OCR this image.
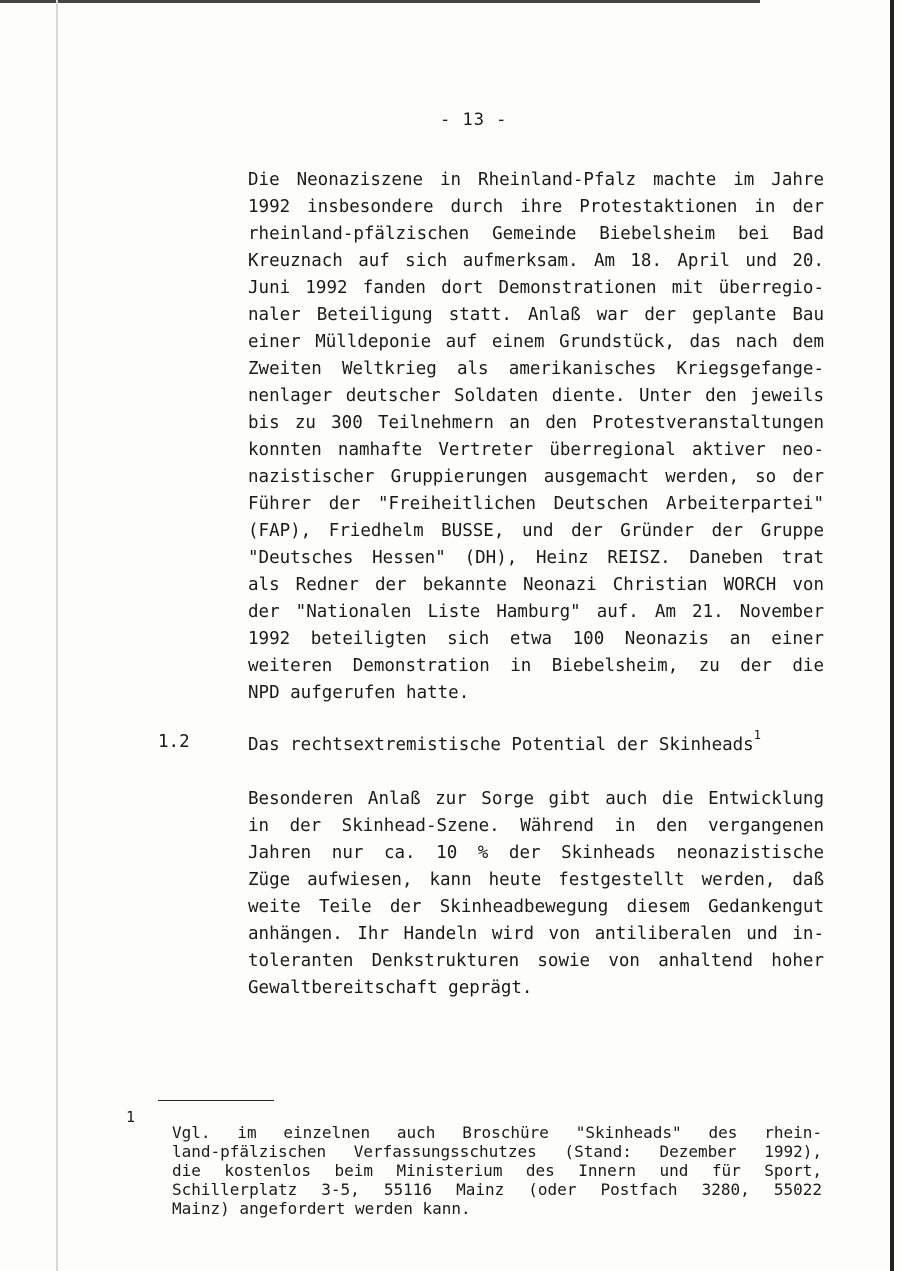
- 13 -
Die Neonaziszene in Rheinland-Pfalz machte im Jahre
1992 insbesondere durch ihre Protestaktionen in der
rheinland-pfälzischen Gemeinde Biebelsheim bei Bad
Kreuznach auf sich aufmerksam. Am 18. April und 20.
Juni 1992 fanden dort Demonstrationen mit überregio-
naler Beteiligung statt. Anlaß war der geplante Bau
einer Mülldeponie auf einem Grundstück, das nach dem
Zweiten Weltkrieg als amerikanisches Kriegsgefange-
nenlager deutscher Soldaten diente. Unter den jeweils
bis zu 300 Teilnehmern an den Protestveranstaltungen
konnten namhafte Vertreter überregional aktiver neo-
nazistischer Gruppierungen ausgemacht werden, so der
Führer der "Freiheitlichen Deutschen Arbeiterpartei"
(FAP), Friedhelm BUSSE, und der Gründer der Gruppe
"Deutsches Hessen" (DH), Heinz REISZ. Daneben trat
als Redner der bekannte Neonazi Christian WORCH von
der "Nationalen Liste Hamburg" auf. Am 21. November
1992 beteiligten sich etwa 100 Neonazis an einer
weiteren Demonstration in Biebelsheim, zu der die
NPD aufgerufen hatte.
1.2	Das rechtsextremistische Potential der Skinheads$^1$
Besonderen Anlaß zur Sorge gibt auch die Entwicklung
in der Skinhead-Szene. Während in den vergangenen
Jahren nur ca. 10 % der Skinheads neonazistische
Züge aufwiesen, kann heute festgestellt werden, daß
weite Teile der Skinheadbewegung diesem Gedankengut
anhängen. Ihr Handeln wird von antiliberalen und in-
toleranten Denkstrukturen sowie von anhaltend hoher
Gewaltbereitschaft geprägt.
1
Vgl. im einzelnen auch Broschüre "Skinheads" des rhein-
land-pfälzischen Verfassungsschutzes (Stand: Dezember 1992),
die kostenlos beim Ministerium des Innern und für Sport,
Schillerplatz 3-5, 55116 Mainz (oder Postfach 3280, 55022
Mainz) angefordert werden kann.
